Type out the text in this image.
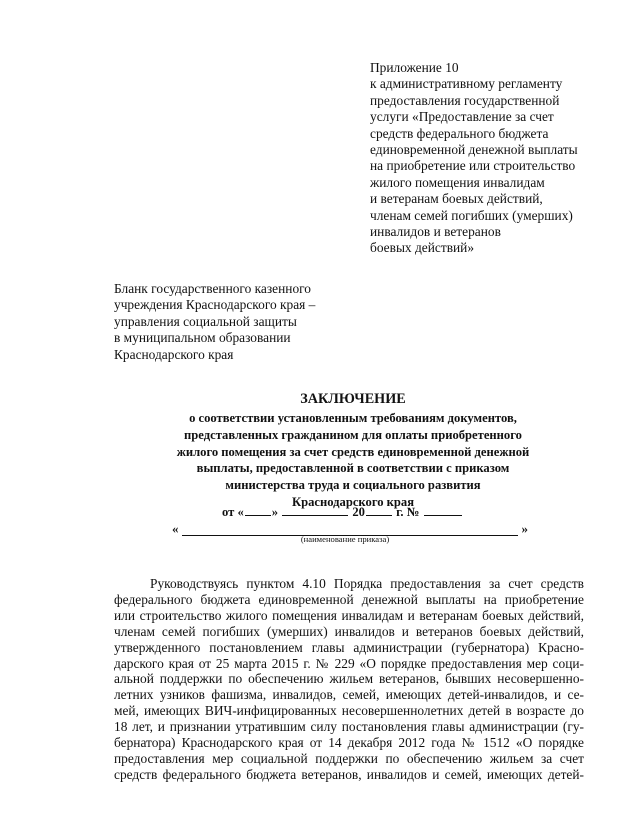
Приложение 10
к административному регламенту
предоставления государственной
услуги «Предоставление за счет
средств федерального бюджета
единовременной денежной выплаты
на приобретение или строительство
жилого помещения инвалидам
и ветеранам боевых действий,
членам семей погибших (умерших)
инвалидов и ветеранов
боевых действий»
Бланк государственного казенного
учреждения Краснодарского края –
управления социальной защиты
в муниципальном образовании
Краснодарского края
ЗАКЛЮЧЕНИЕ
о соответствии установленным требованиям документов,
представленных гражданином для оплаты приобретенного
жилого помещения за счет средств единовременной денежной
выплаты, предоставленной в соответствии с приказом
министерства труда и социального развития
Краснодарского края
от « »	20 г. №
«	»
(наименование приказа)
Руководствуясь пунктом 4.10 Порядка предоставления за счет средств
федерального бюджета единовременной денежной выплаты на приобретение
или строительство жилого помещения инвалидам и ветеранам боевых действий,
членам семей погибших (умерших) инвалидов и ветеранов боевых действий,
утвержденного постановлением главы администрации (губернатора) Красно-
дарского края от 25 марта 2015 г. № 229 «О порядке предоставления мер соци-
альной поддержки по обеспечению жильем ветеранов, бывших несовершенно-
летних узников фашизма, инвалидов, семей, имеющих детей-инвалидов, и се-
мей, имеющих ВИЧ-инфицированных несовершеннолетних детей в возрасте до
18 лет, и признании утратившим силу постановления главы администрации (гу-
бернатора) Краснодарского края от 14 декабря 2012 года № 1512 «О порядке
предоставления мер социальной поддержки по обеспечению жильем за счет
средств федерального бюджета ветеранов, инвалидов и семей, имеющих детей-
